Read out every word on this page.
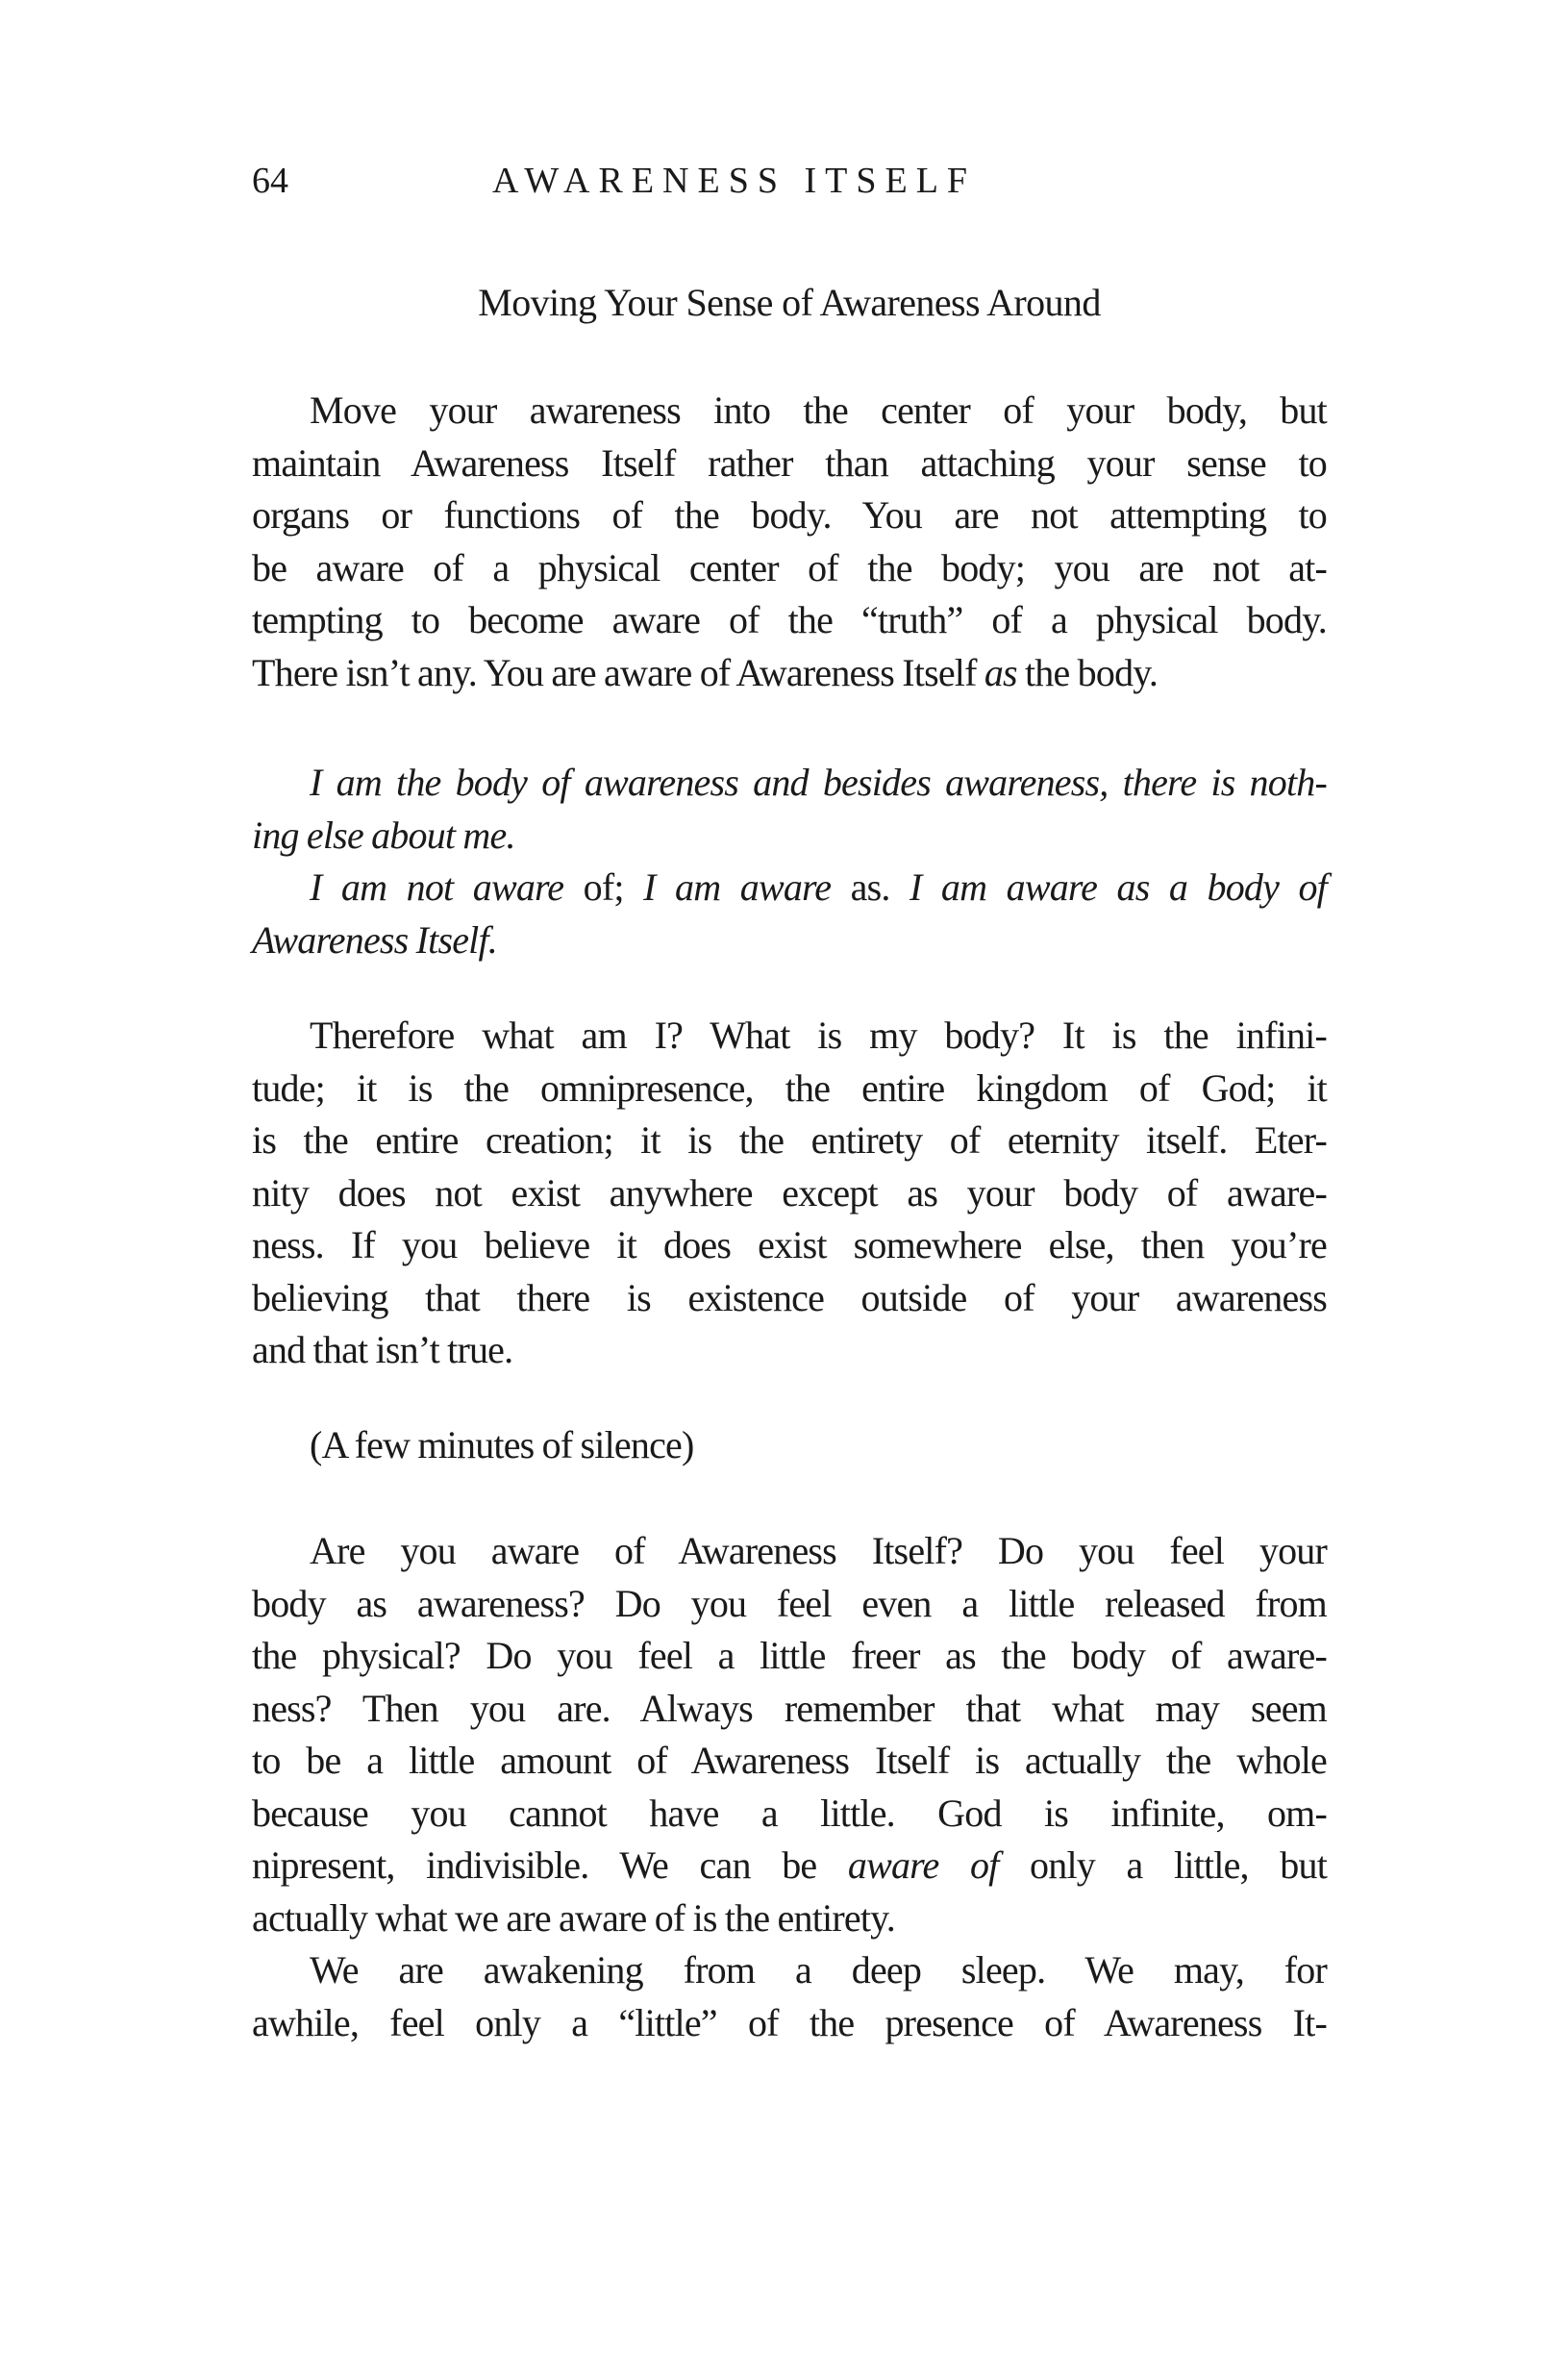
64	AWARENESS ITSELF
Moving Your Sense of Awareness Around
Move your awareness into the center of your body, but
maintain Awareness Itself rather than attaching your sense to
organs or functions of the body. You are not attempting to
be aware of a physical center of the body; you are not at-
tempting to become aware of the “truth” of a physical body.
There isn’t any. You are aware of Awareness Itself as the body.
I am the body of awareness and besides awareness, there is noth-
ing else about me.
I am not aware of; I am aware as. I am aware as a body of
Awareness Itself.
Therefore what am I? What is my body? It is the infini-
tude; it is the omnipresence, the entire kingdom of God; it
is the entire creation; it is the entirety of eternity itself. Eter-
nity does not exist anywhere except as your body of aware-
ness. If you believe it does exist somewhere else, then you’re
believing that there is existence outside of your awareness
and that isn’t true.
(A few minutes of silence)
Are you aware of Awareness Itself? Do you feel your
body as awareness? Do you feel even a little released from
the physical? Do you feel a little freer as the body of aware-
ness? Then you are. Always remember that what may seem
to be a little amount of Awareness Itself is actually the whole
because you cannot have a little. God is infinite, om-
nipresent, indivisible. We can be aware of only a little, but
actually what we are aware of is the entirety.
We are awakening from a deep sleep. We may, for
awhile, feel only a “little” of the presence of Awareness It-
